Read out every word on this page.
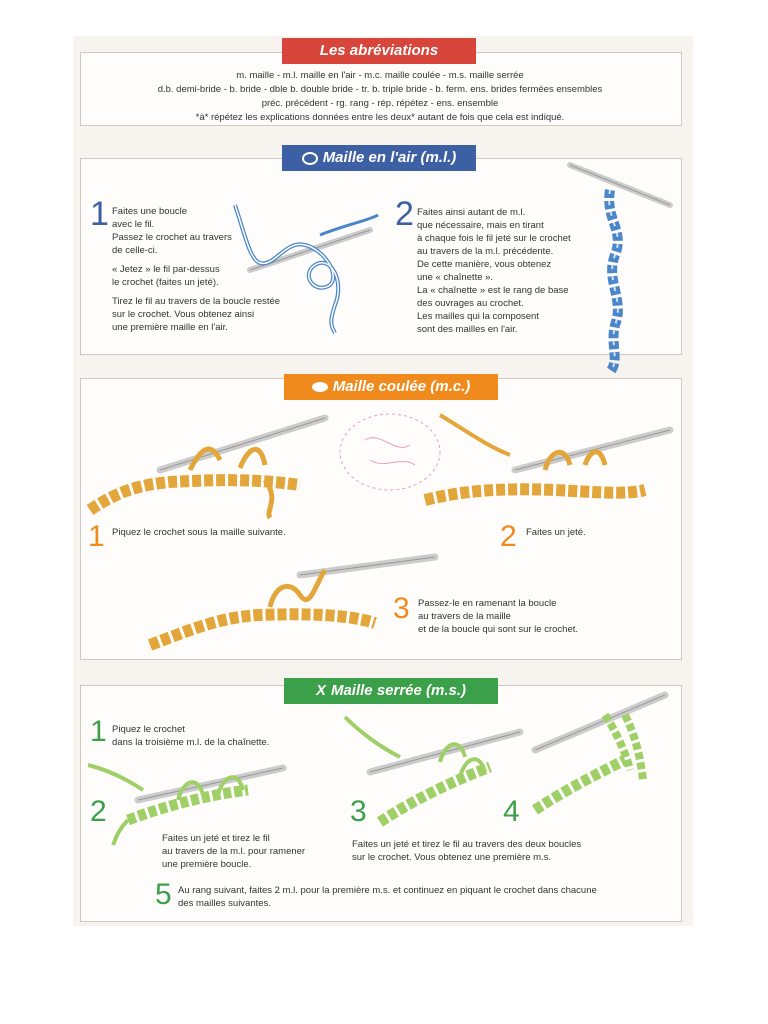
Les abréviations
m. maille - m.l. maille en l'air - m.c. maille coulée - m.s. maille serrée
d.b. demi-bride - b. bride - dble b. double bride - tr. b. triple bride - b. ferm. ens. brides fermées ensembles
préc. précédent - rg. rang - rép. répétez - ens. ensemble
*à* répétez les explications données entre les deux* autant de fois que cela est indiqué.
Maille en l'air (m.l.)
1 Faites une boucle
avec le fil.
Passez le crochet au travers
de celle-ci.
« Jetez » le fil par-dessus
le crochet (faites un jeté).
Tirez le fil au travers de la boucle restée
sur le crochet. Vous obtenez ainsi
une première maille en l'air.
2 Faites ainsi autant de m.l.
que nécessaire, mais en tirant
à chaque fois le fil jeté sur le crochet
au travers de la m.l. précédente.
De cette manière, vous obtenez
une « chaînette ».
La « chaînette » est le rang de base
des ouvrages au crochet.
Les mailles qui la composent
sont des mailles en l'air.
Maille coulée (m.c.)
1 Piquez le crochet sous la maille suivante.	2 Faites un jeté.
3 Passez-le en ramenant la boucle
au travers de la maille
et de la boucle qui sont sur le crochet.
X Maille serrée (m.s.)
1 Piquez le crochet
dans la troisième m.l. de la chaînette.
2
Faites un jeté et tirez le fil
au travers de la m.l. pour ramener
une première boucle.
3
Faites un jeté et tirez le fil au travers des deux boucles
sur le crochet. Vous obtenez une première m.s.
4
5 Au rang suivant, faites 2 m.l. pour la première m.s. et continuez en piquant le crochet dans chacune
des mailles suivantes.
